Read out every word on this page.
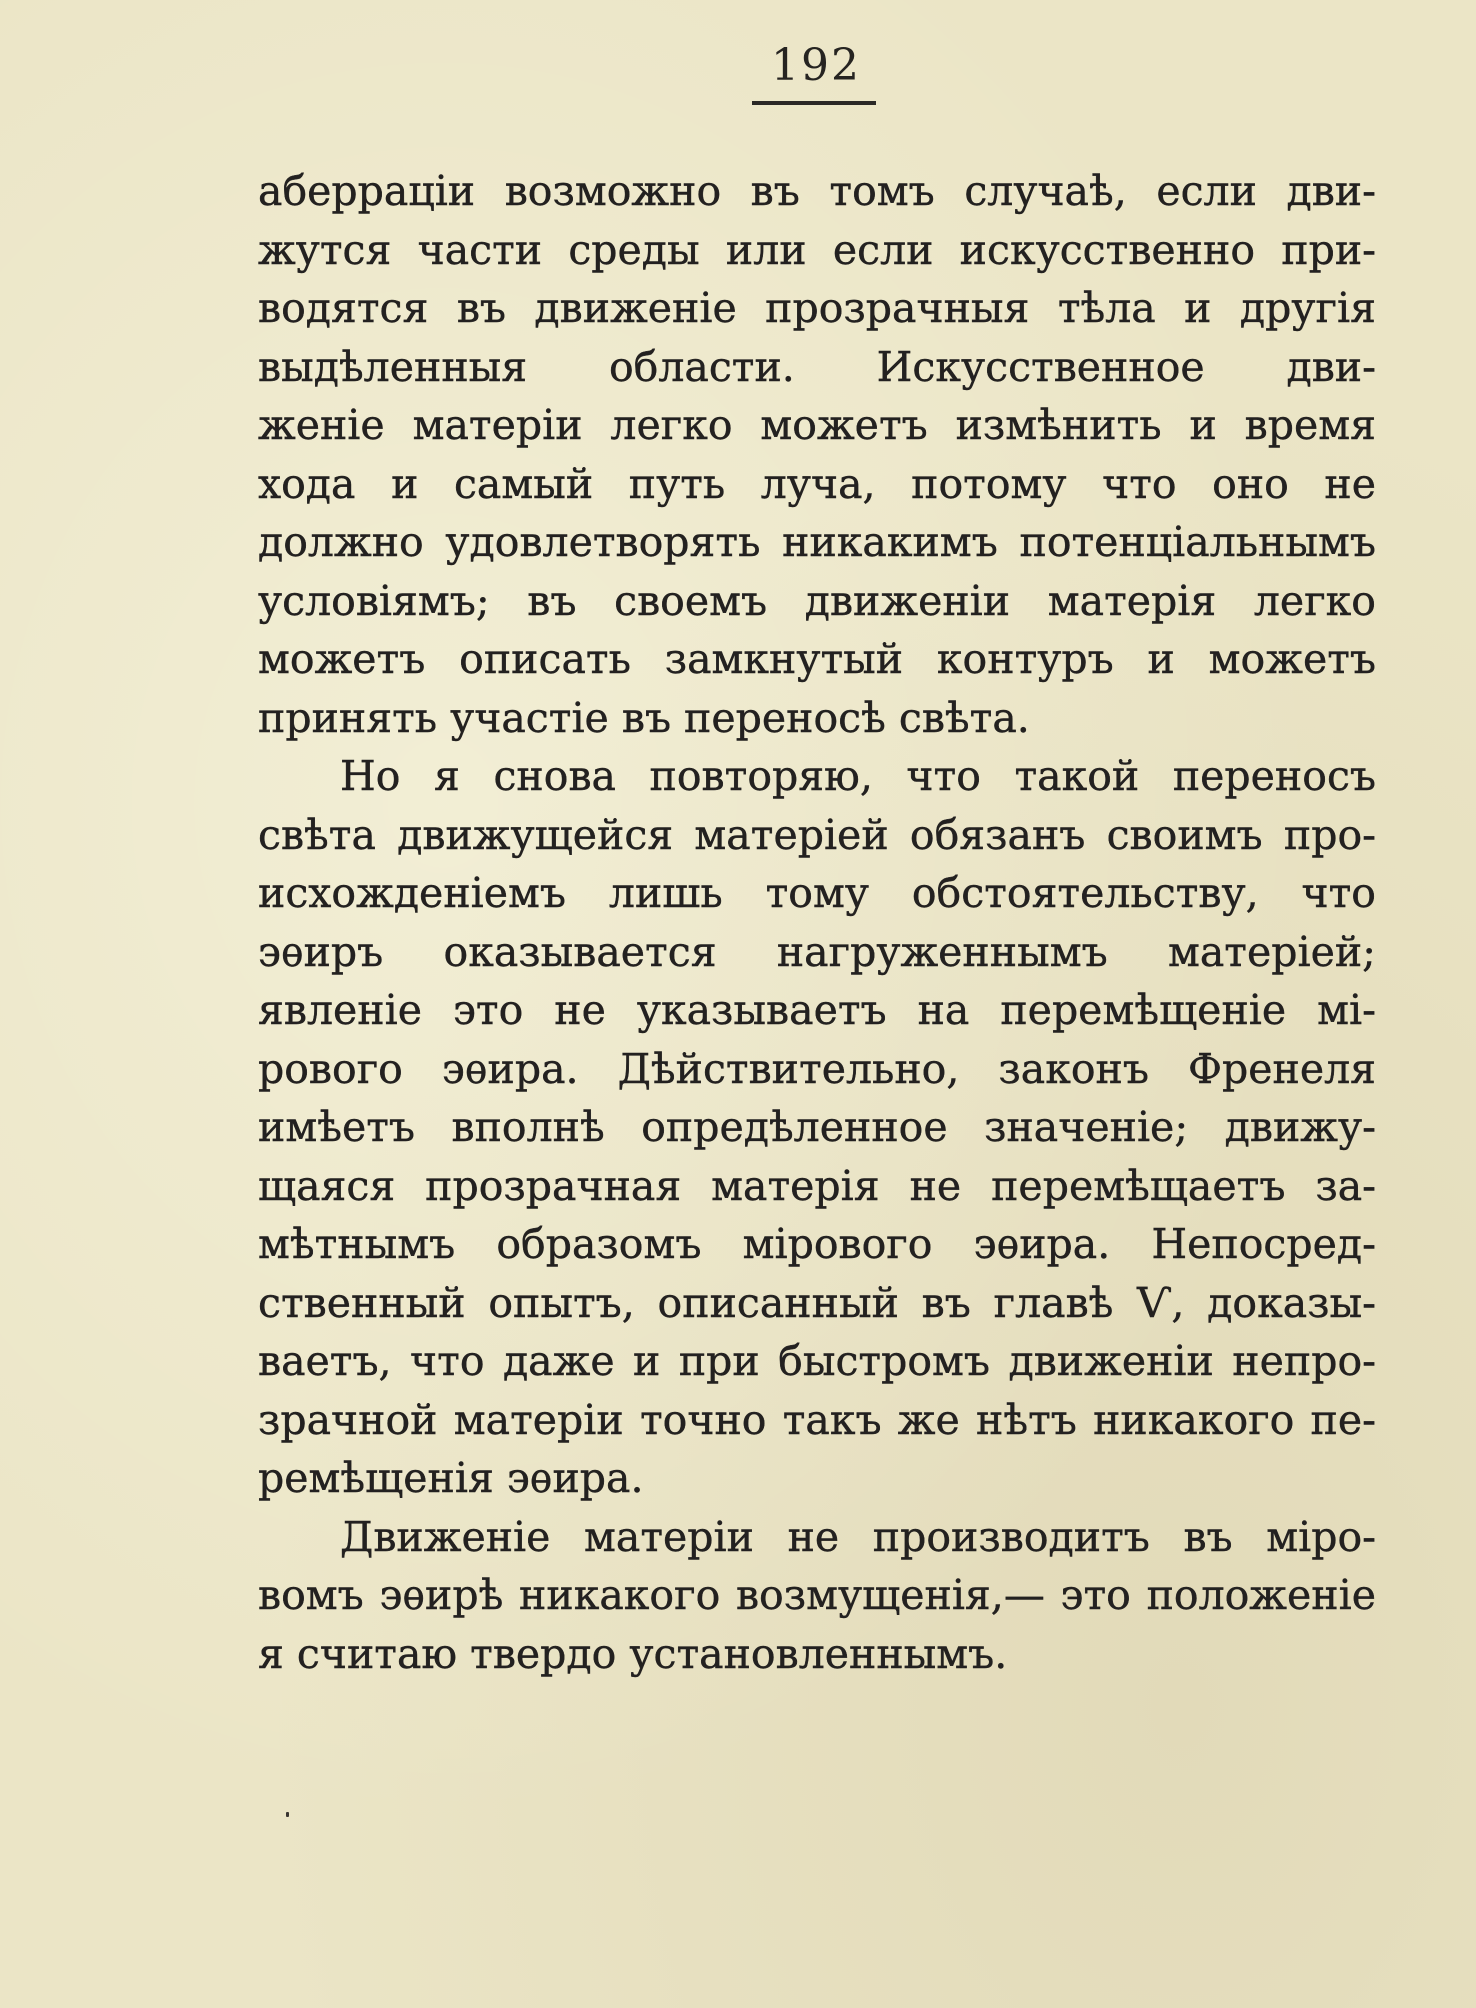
192
аберраціи возможно въ томъ случаѣ, если дви-
жутся части среды или если искусственно при-
водятся въ движеніе прозрачныя тѣла и другія
выдѣленныя области. Искусственное дви-
женіе матеріи легко можетъ измѣнить и время
хода и самый путь луча, потому что оно не
должно удовлетворять никакимъ потенціальнымъ
условіямъ; въ своемъ движеніи матерія легко
можетъ описать замкнутый контуръ и можетъ
принять участіе въ переносѣ свѣта.
Но я снова повторяю, что такой переносъ
свѣта движущейся матеріей обязанъ своимъ про-
исхожденіемъ лишь тому обстоятельству, что
эѳиръ оказывается нагруженнымъ матеріей;
явленіе это не указываетъ на перемѣщеніе мі-
рового эѳира. Дѣйствительно, законъ Френеля
имѣетъ вполнѣ опредѣленное значеніе; движу-
щаяся прозрачная матерія не перемѣщаетъ за-
мѣтнымъ образомъ мірового эѳира. Непосред-
ственный опытъ, описанный въ главѣ Ѵ, доказы-
ваетъ, что даже и при быстромъ движеніи непро-
зрачной матеріи точно такъ же нѣтъ никакого пе-
ремѣщенія эѳира.
Движеніе матеріи не производитъ въ міро-
вомъ эѳирѣ никакого возмущенія,— это положеніе
я считаю твердо установленнымъ.
